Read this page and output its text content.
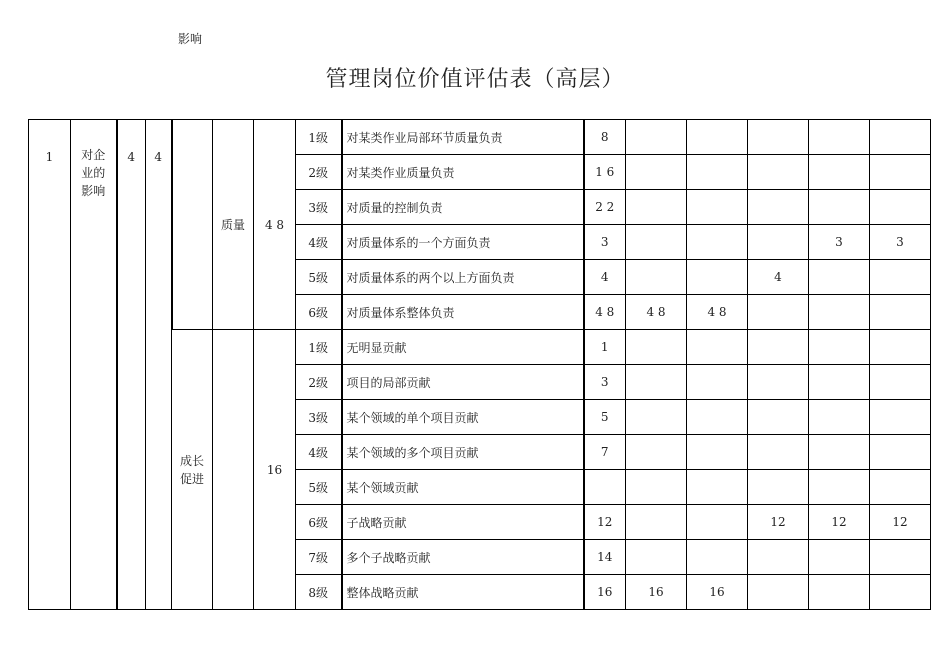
影响
管理岗位价值评估表（高层）
1	对企业的影响	4	4		质量	4 8	1级	对某类作业局部环节质量负责	8					
							2级	对某类作业质量负责	1 6					
							3级	对质量的控制负责	2 2					
							4级	对质量体系的一个方面负责	3				3	3
							5级	对质量体系的两个以上方面负责	4			4		
							6级	对质量体系整体负责	4 8	4 8	4 8			
				成长促进		16	1级	无明显贡献	1					
							2级	项目的局部贡献	3					
							3级	某个领域的单个项目贡献	5					
							4级	某个领域的多个项目贡献	7					
							5级	某个领域贡献						
							6级	子战略贡献	12			12	12	12
							7级	多个子战略贡献	14					
							8级	整体战略贡献	16	16	16			
